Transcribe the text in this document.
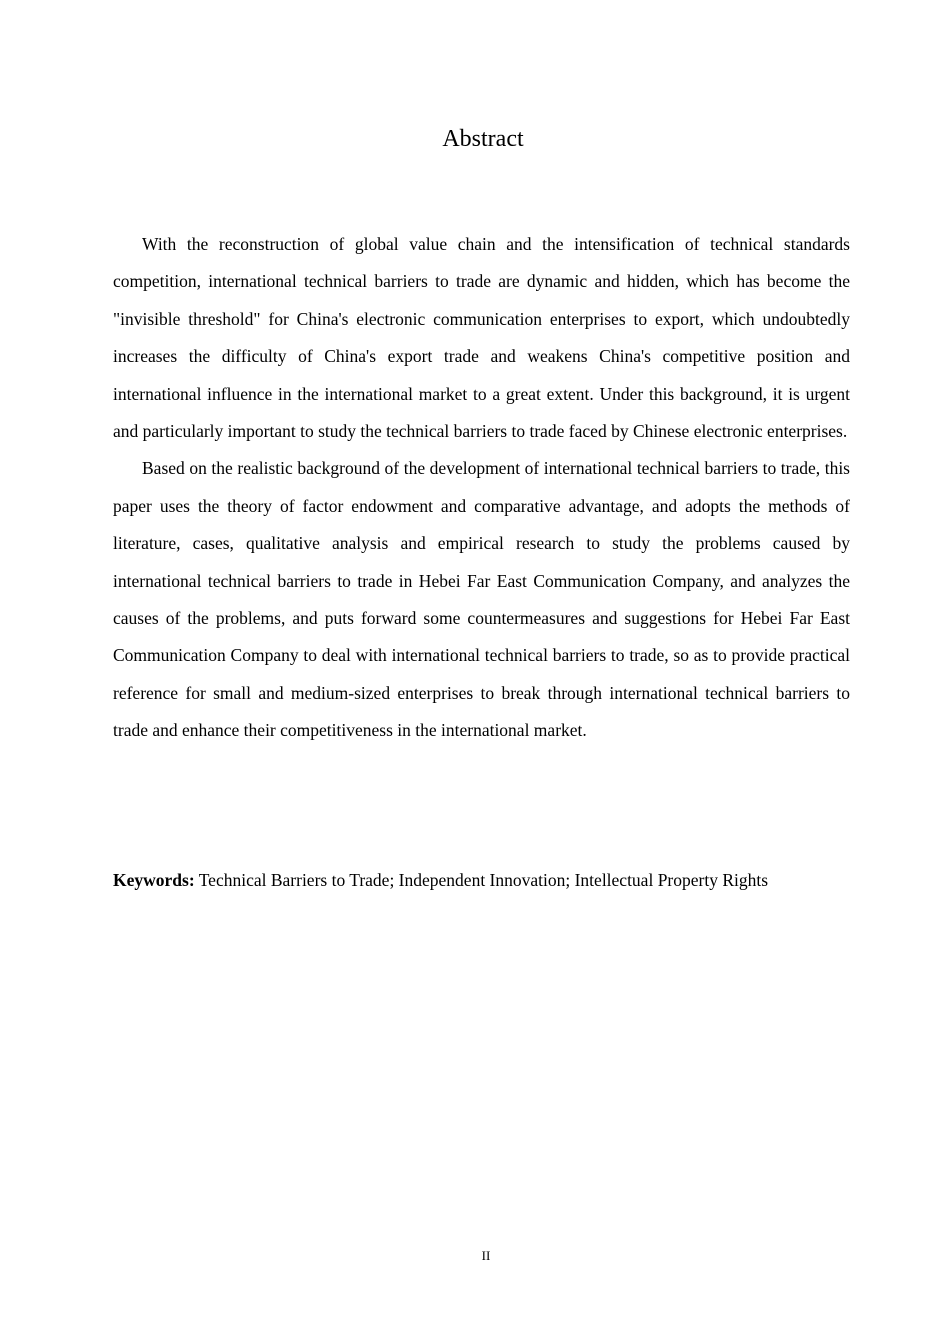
Abstract

With the reconstruction of global value chain and the intensification of technical standards competition, international technical barriers to trade are dynamic and hidden, which has become the "invisible threshold" for China's electronic communication enterprises to export, which undoubtedly increases the difficulty of China's export trade and weakens China's competitive position and international influence in the international market to a great extent. Under this background, it is urgent and particularly important to study the technical barriers to trade faced by Chinese electronic enterprises.

Based on the realistic background of the development of international technical barriers to trade, this paper uses the theory of factor endowment and comparative advantage, and adopts the methods of literature, cases, qualitative analysis and empirical research to study the problems caused by international technical barriers to trade in Hebei Far East Communication Company, and analyzes the causes of the problems, and puts forward some countermeasures and suggestions for Hebei Far East Communication Company to deal with international technical barriers to trade, so as to provide practical reference for small and medium-sized enterprises to break through international technical barriers to trade and enhance their competitiveness in the international market.

Keywords: Technical Barriers to Trade; Independent Innovation; Intellectual Property Rights

II
